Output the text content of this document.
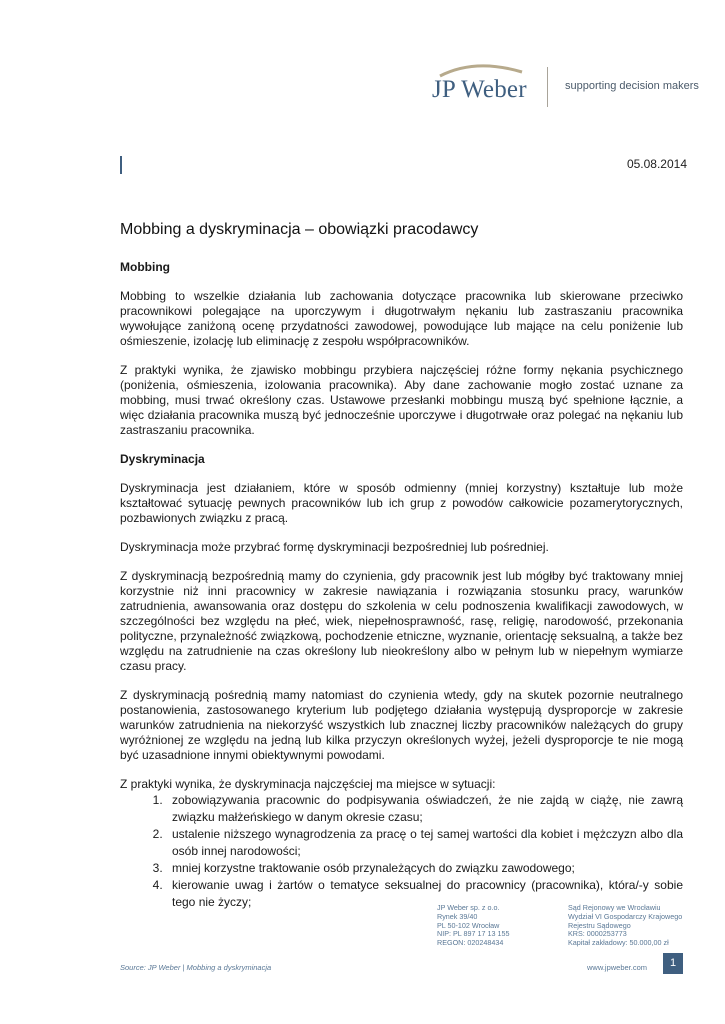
JP Weber	supporting decision makers
05.08.2014
Mobbing a dyskryminacja – obowiązki pracodawcy
Mobbing

Mobbing to wszelkie działania lub zachowania dotyczące pracownika lub skierowane przeciwko pracownikowi polegające na uporczywym i długotrwałym nękaniu lub zastraszaniu pracownika wywołujące zaniżoną ocenę przydatności zawodowej, powodujące lub mające na celu poniżenie lub ośmieszenie, izolację lub eliminację z zespołu współpracowników.

Z praktyki wynika, że zjawisko mobbingu przybiera najczęściej różne formy nękania psychicznego (poniżenia, ośmieszenia, izolowania pracownika). Aby dane zachowanie mogło zostać uznane za mobbing, musi trwać określony czas. Ustawowe przesłanki mobbingu muszą być spełnione łącznie, a więc działania pracownika muszą być jednocześnie uporczywe i długotrwałe oraz polegać na nękaniu lub zastraszaniu pracownika.

Dyskryminacja

Dyskryminacja jest działaniem, które w sposób odmienny (mniej korzystny) kształtuje lub może kształtować sytuację pewnych pracowników lub ich grup z powodów całkowicie pozamerytorycznych, pozbawionych związku z pracą.

Dyskryminacja może przybrać formę dyskryminacji bezpośredniej lub pośredniej.

Z dyskryminacją bezpośrednią mamy do czynienia, gdy pracownik jest lub mógłby być traktowany mniej korzystnie niż inni pracownicy w zakresie nawiązania i rozwiązania stosunku pracy, warunków zatrudnienia, awansowania oraz dostępu do szkolenia w celu podnoszenia kwalifikacji zawodowych, w szczególności bez względu na płeć, wiek, niepełnosprawność, rasę, religię, narodowość, przekonania polityczne, przynależność związkową, pochodzenie etniczne, wyznanie, orientację seksualną, a także bez względu na zatrudnienie na czas określony lub nieokreślony albo w pełnym lub w niepełnym wymiarze czasu pracy.

Z dyskryminacją pośrednią mamy natomiast do czynienia wtedy, gdy na skutek pozornie neutralnego postanowienia, zastosowanego kryterium lub podjętego działania występują dysproporcje w zakresie warunków zatrudnienia na niekorzyść wszystkich lub znacznej liczby pracowników należących do grupy wyróżnionej ze względu na jedną lub kilka przyczyn określonych wyżej, jeżeli dysproporcje te nie mogą być uzasadnione innymi obiektywnymi powodami.

Z praktyki wynika, że dyskryminacja najczęściej ma miejsce w sytuacji:

1. zobowiązywania pracownic do podpisywania oświadczeń, że nie zajdą w ciążę, nie zawrą związku małżeńskiego w danym okresie czasu;
2. ustalenie niższego wynagrodzenia za pracę o tej samej wartości dla kobiet i mężczyzn albo dla osób innej narodowości;
3. mniej korzystne traktowanie osób przynależących do związku zawodowego;
4. kierowanie uwag i żartów o tematyce seksualnej do pracownicy (pracownika), która/-y sobie tego nie życzy;	JP Weber sp. z o.o.
Rynek 39/40
PL 50-102 Wrocław
NIP: PL 897 17 13 155
REGON: 020248434
Sąd Rejonowy we Wrocławiu
Wydział VI Gospodarczy Krajowego
Rejestru Sądowego
KRS: 0000253773
Kapitał zakładowy: 50.000,00 zł
Source: JP Weber | Mobbing a dyskryminacja	www.jpweber.com	1
